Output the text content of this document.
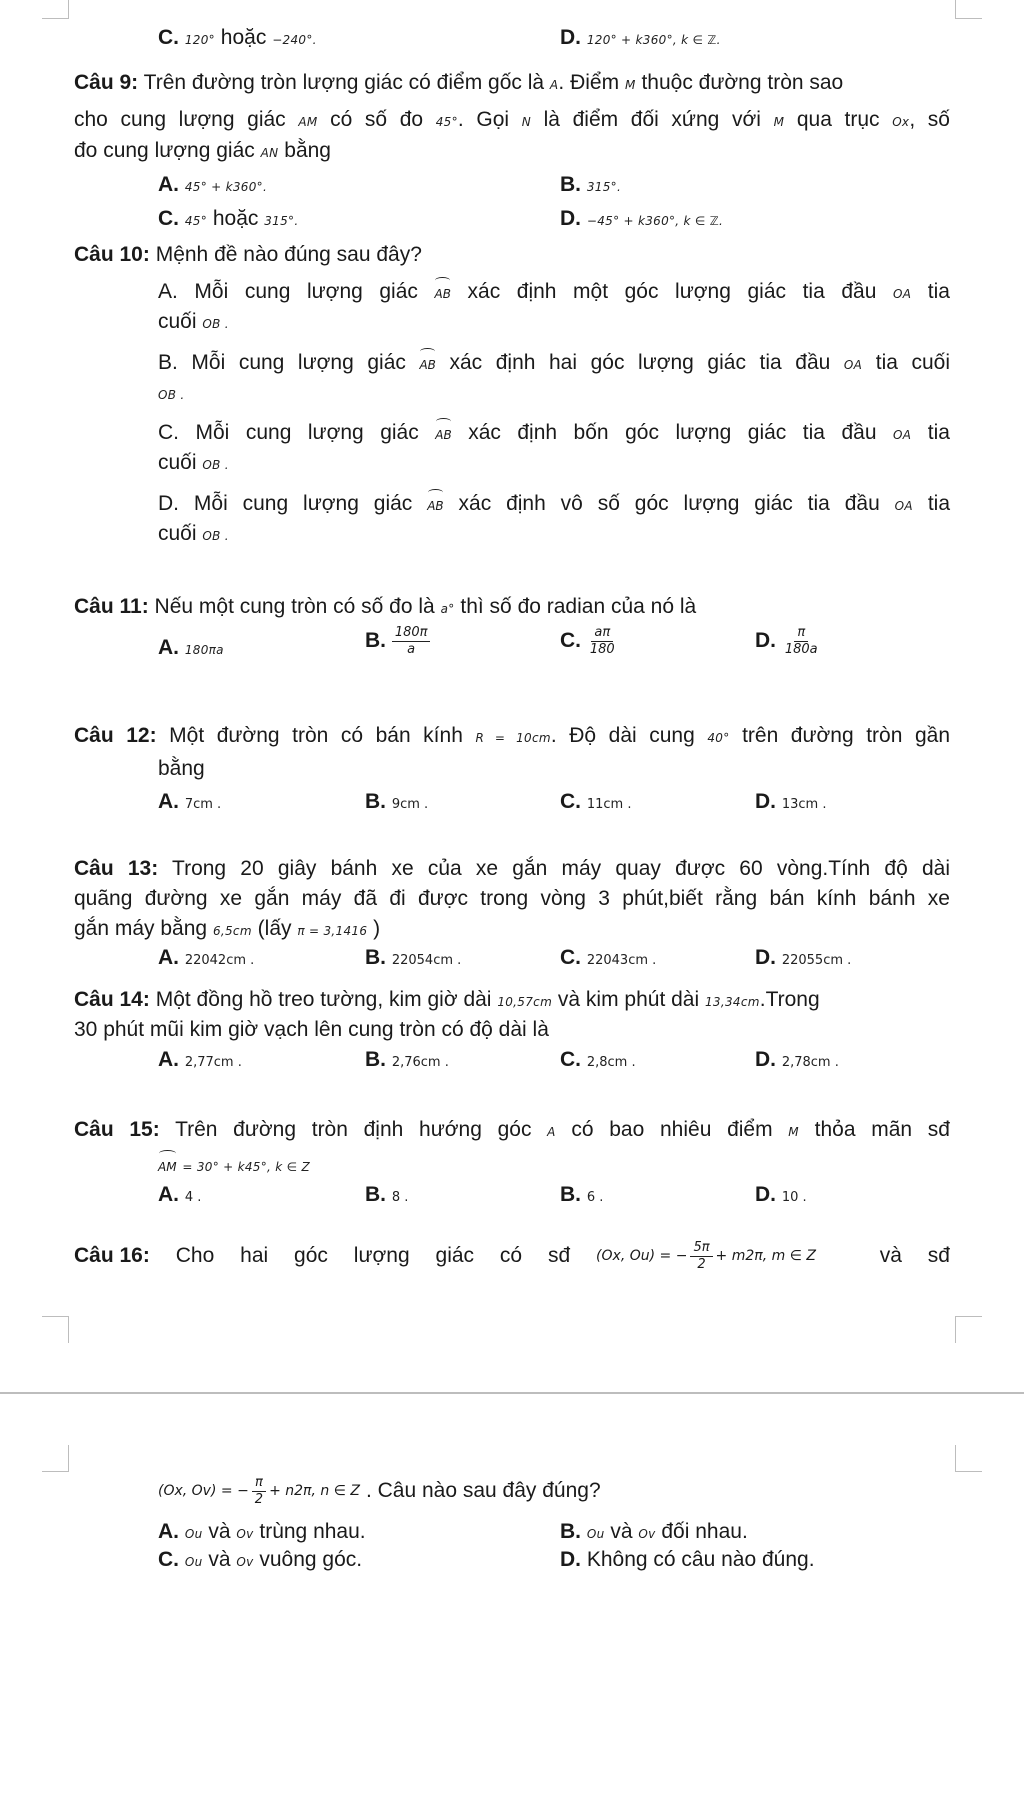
C. 120° hoặc −240°.	D. 120° + k360°, k ∈ ℤ.
Câu 9: Trên đường tròn lượng giác có điểm gốc là A. Điểm M thuộc đường tròn sao
cho cung lượng giác AM có số đo 45°. Gọi N là điểm đối xứng với M qua trục Ox, số
đo cung lượng giác AN bằng
A. 45° + k360°.	B. 315°.
C. 45° hoặc 315°.	D. −45° + k360°, k ∈ ℤ.
Câu 10: Mệnh đề nào đúng sau đây?
A. Mỗi cung lượng giác AB xác định một góc lượng giác tia đầu OA tia
cuối OB .
B. Mỗi cung lượng giác AB xác định hai góc lượng giác tia đầu OA tia cuối
OB .
C. Mỗi cung lượng giác AB xác định bốn góc lượng giác tia đầu OA tia
cuối OB .
D. Mỗi cung lượng giác AB xác định vô số góc lượng giác tia đầu OA tia
cuối OB .
Câu 11: Nếu một cung tròn có số đo là a° thì số đo radian của nó là
A. 180πa	B. $\frac{180\pi}{a}$	C. $\frac{a\pi}{180}$	D. $\frac{\pi}{180a}$
Câu 12: Một đường tròn có bán kính R = 10cm. Độ dài cung 40° trên đường tròn gần
bằng
A. 7cm .	B. 9cm .	C. 11cm .	D. 13cm .
Câu 13: Trong 20 giây bánh xe của xe gắn máy quay được 60 vòng.Tính độ dài
quãng đường xe gắn máy đã đi được trong vòng 3 phút,biết rằng bán kính bánh xe
gắn máy bằng 6,5cm (lấy π = 3,1416 )
A. 22042cm .	B. 22054cm .	C. 22043cm .	D. 22055cm .
Câu 14: Một đồng hồ treo tường, kim giờ dài 10,57cm và kim phút dài 13,34cm.Trong
30 phút mũi kim giờ vạch lên cung tròn có độ dài là
A. 2,77cm .	B. 2,76cm .	C. 2,8cm .	D. 2,78cm .
Câu 15: Trên đường tròn định hướng góc A có bao nhiêu điểm M thỏa mãn sđ
AM = 30° + k45°, k ∈ Z
A. 4 .	B. 8 .	B. 6 .	D. 10 .
Câu 16: Cho hai góc lượng giác có sđ (Ox, Ou) = − $\frac{5\pi}{2} + m2\pi$, m ∈ Z	và sđ
(Ox, Ov) = − $\frac{\pi}{2} + n2\pi$, n ∈ Z . Câu nào sau đây đúng?
A. Ou và Ov trùng nhau.	B. Ou và Ov đối nhau.
C. Ou và Ov vuông góc.	D. Không có câu nào đúng.
